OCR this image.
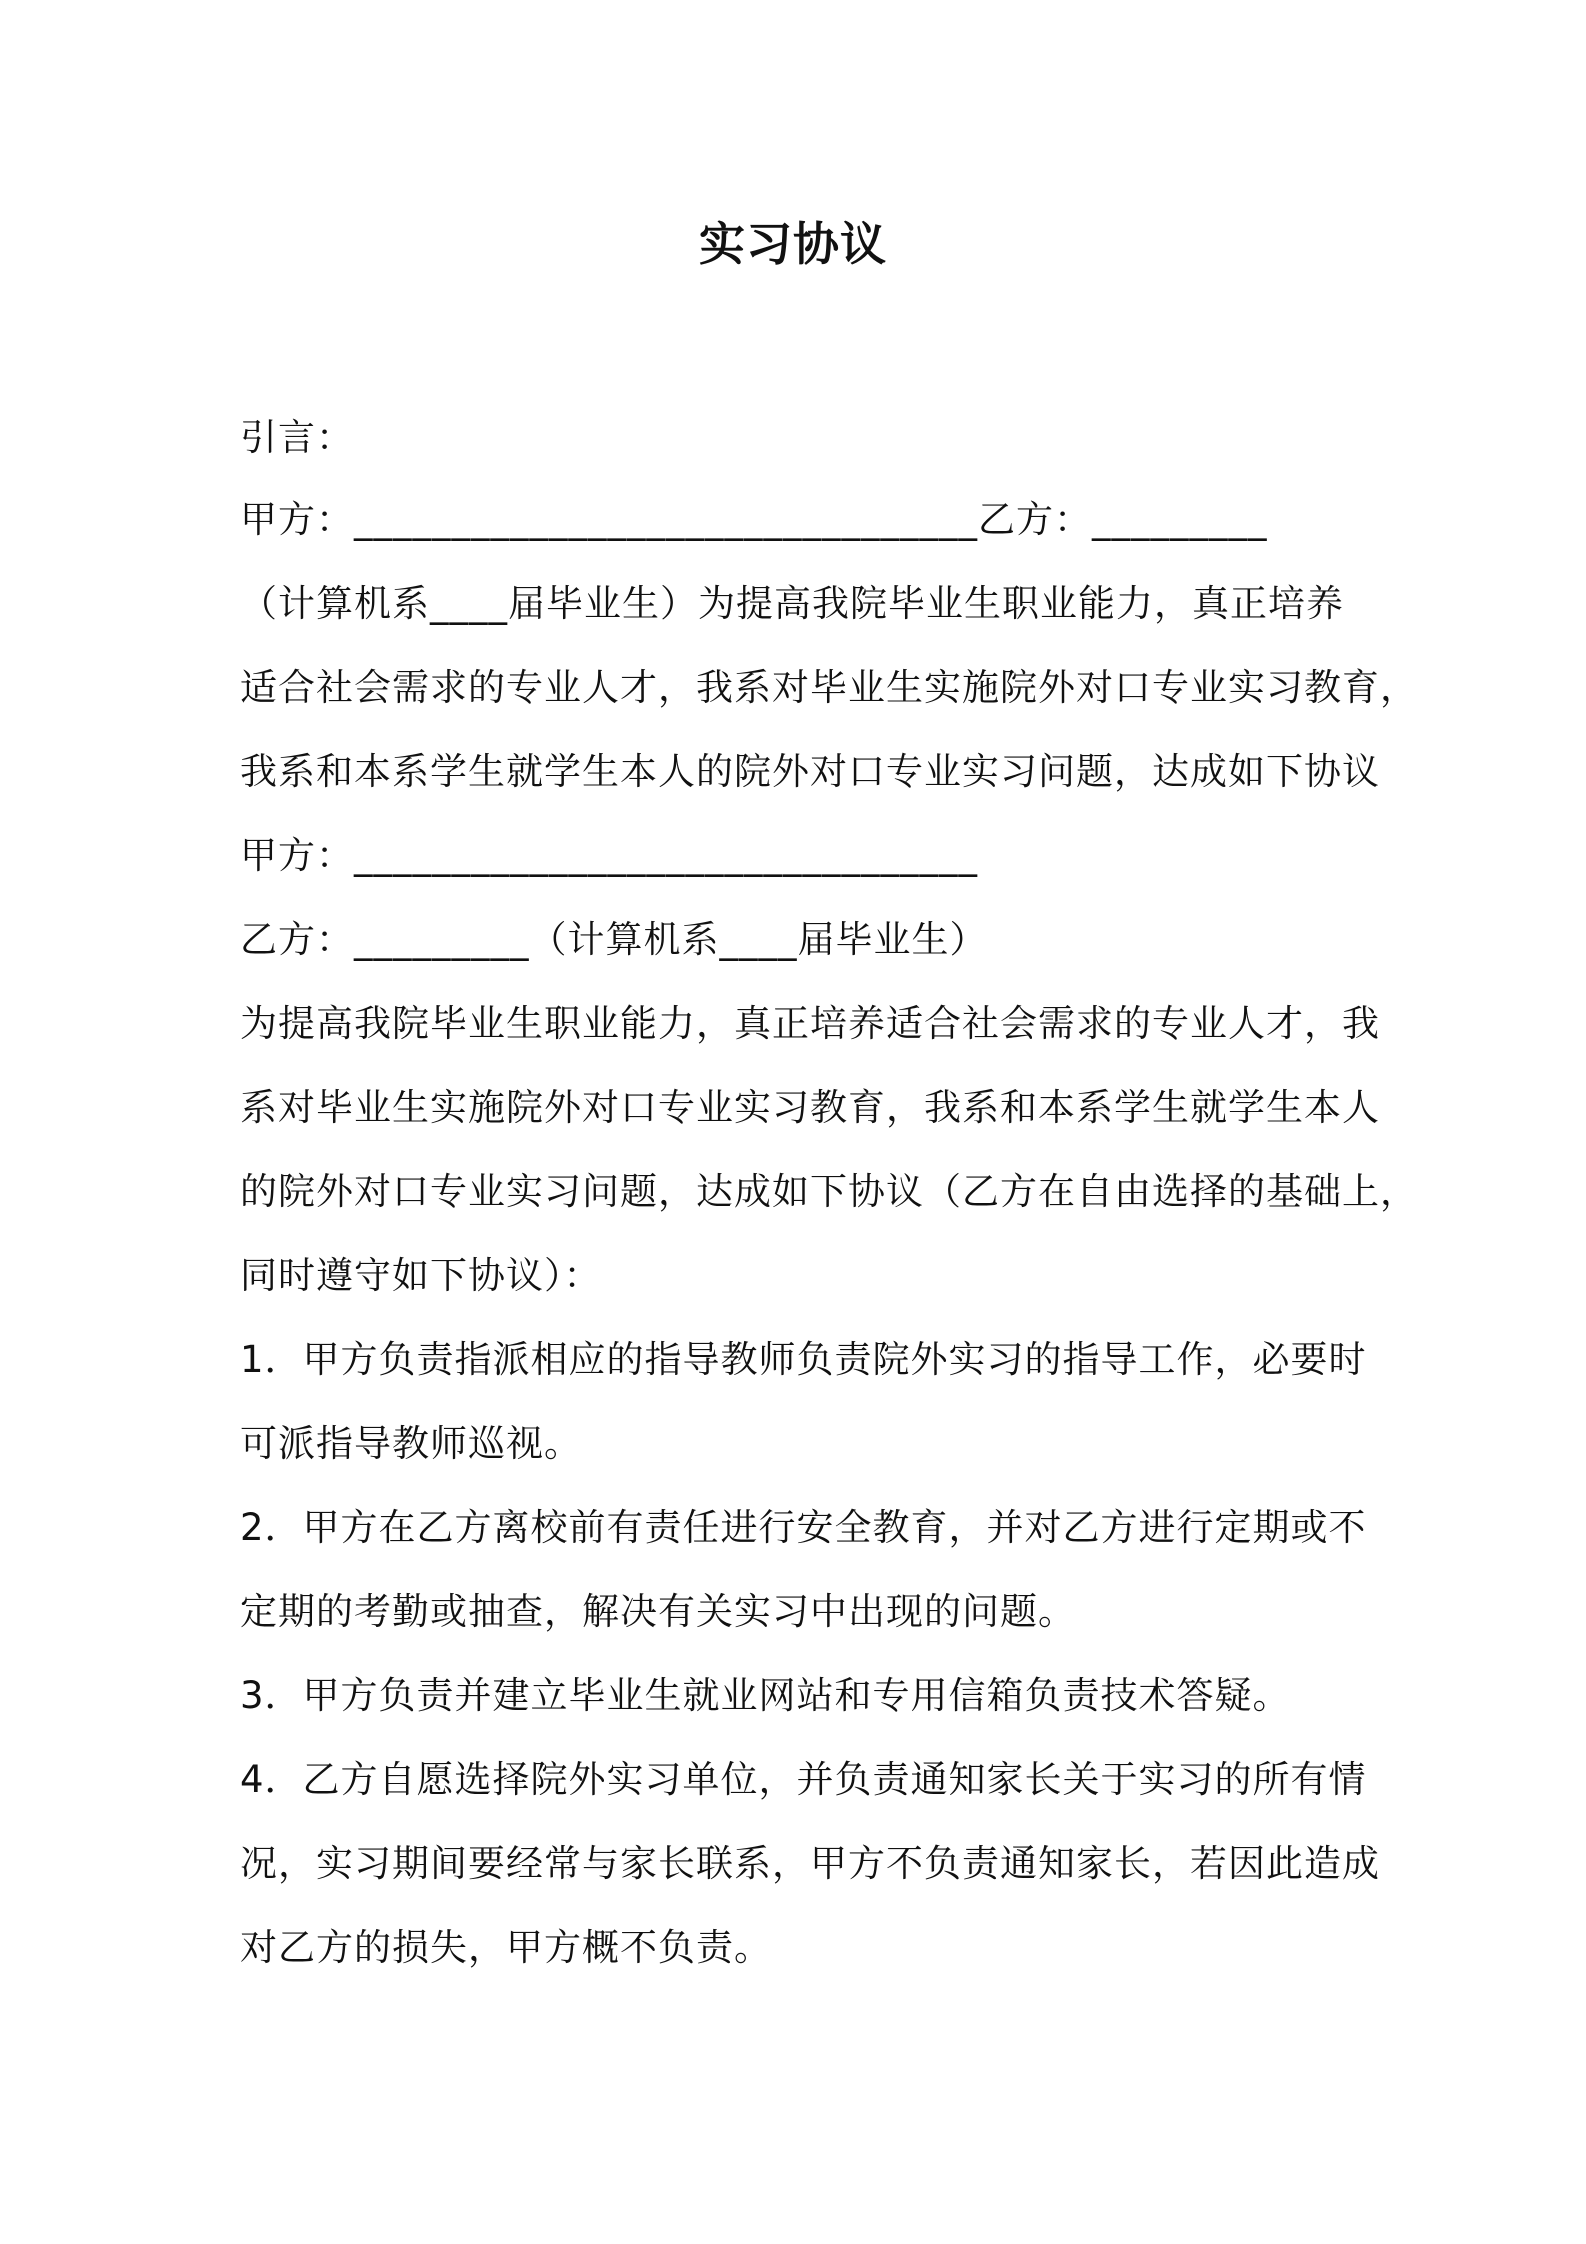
实习协议
引言：
甲方：________________________________乙方：_________
（计算机系____届毕业生）为提高我院毕业生职业能力，真正培养
适合社会需求的专业人才，我系对毕业生实施院外对口专业实习教育，
我系和本系学生就学生本人的院外对口专业实习问题，达成如下协议
甲方：________________________________
乙方：_________（计算机系____届毕业生）
为提高我院毕业生职业能力，真正培养适合社会需求的专业人才，我
系对毕业生实施院外对口专业实习教育，我系和本系学生就学生本人
的院外对口专业实习问题，达成如下协议（乙方在自由选择的基础上，
同时遵守如下协议）：
1．甲方负责指派相应的指导教师负责院外实习的指导工作，必要时
可派指导教师巡视。
2．甲方在乙方离校前有责任进行安全教育，并对乙方进行定期或不
定期的考勤或抽查，解决有关实习中出现的问题。
3．甲方负责并建立毕业生就业网站和专用信箱负责技术答疑。
4．乙方自愿选择院外实习单位，并负责通知家长关于实习的所有情
况，实习期间要经常与家长联系，甲方不负责通知家长，若因此造成
对乙方的损失，甲方概不负责。
